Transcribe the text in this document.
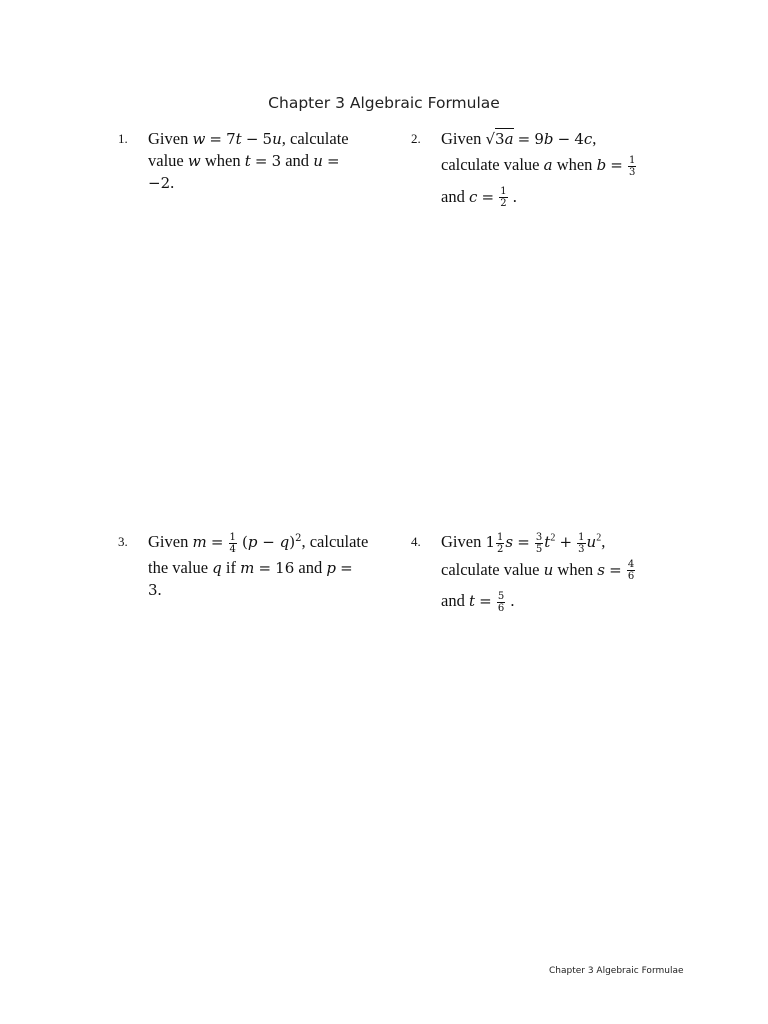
Chapter 3 Algebraic Formulae
1. Given w = 7t − 5u, calculate
value w when t = 3 and u =
−2.
2. Given √3a = 9b − 4c,
calculate value a when $b = \frac{1}{3}$
and $c = \frac{1}{2}$ .
3. Given $m = \frac{1}{4} (p - q)^2$, calculate
the value q if m = 16 and p =
3.
4. Given $1 \frac{1}{2}$ $s = \frac{3}{5} t^2 + \frac{1}{3} u^2$,
calculate value u when $s = \frac{4}{6}$
and $t = \frac{5}{6}$ .
Chapter 3 Algebraic Formulae
